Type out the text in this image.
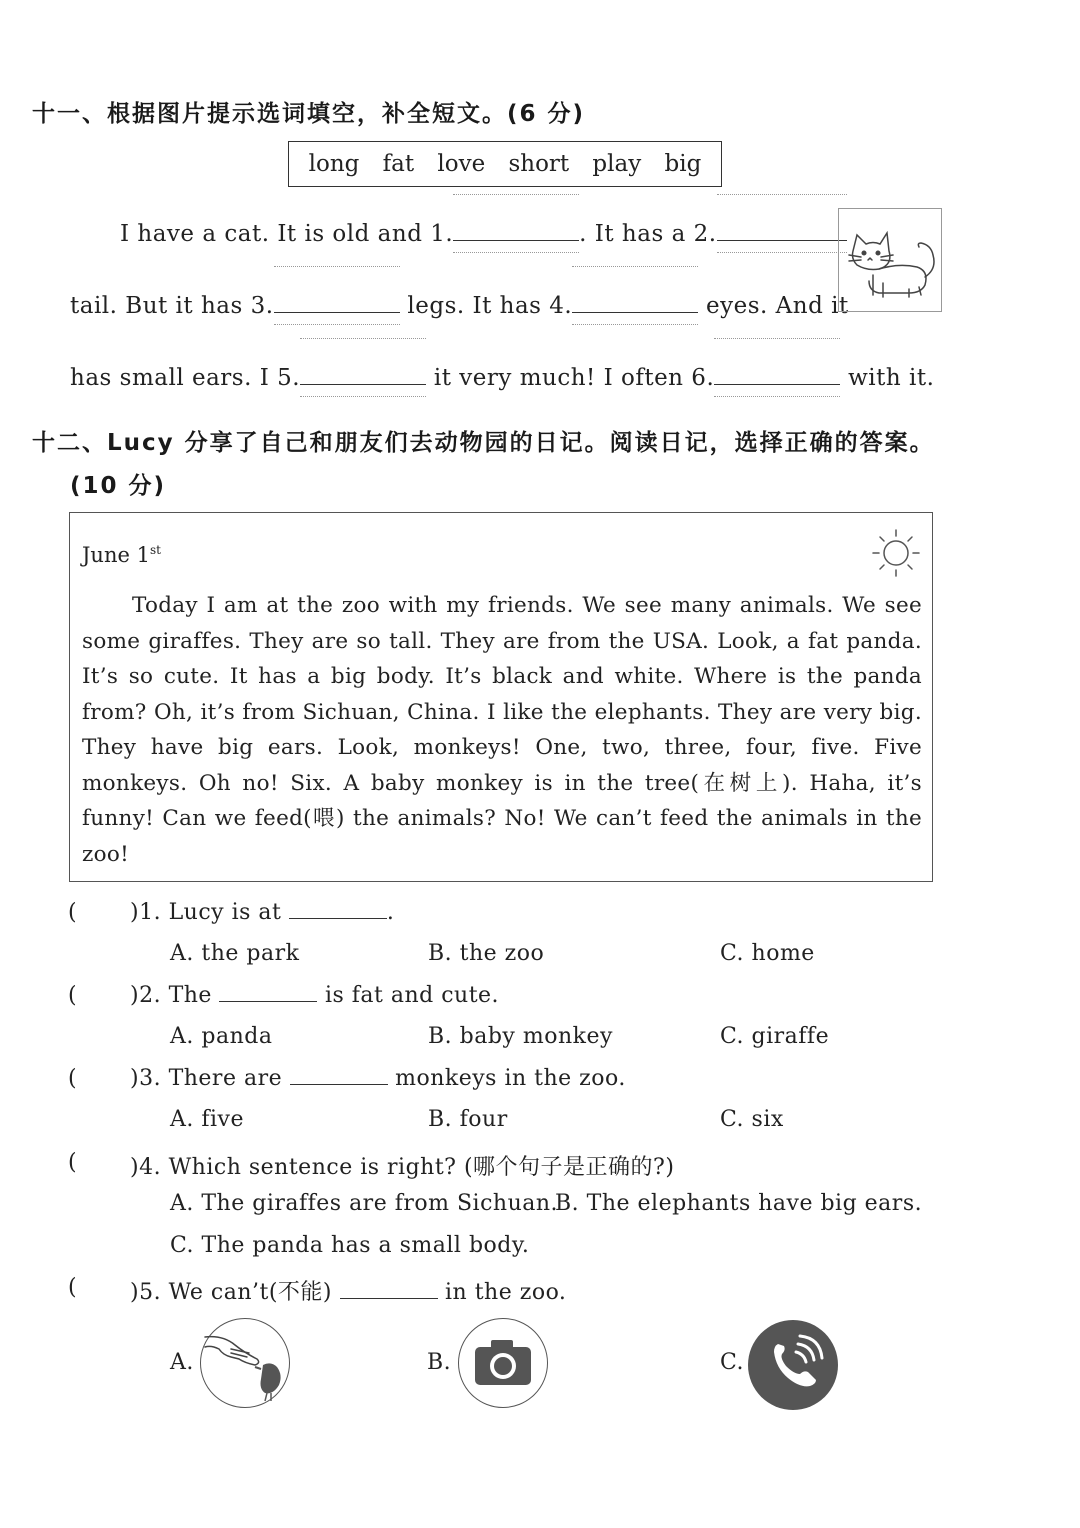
十一、根据图片提示选词填空，补全短文。(6 分)
long fat love short play big
I have a cat. It is old and 1.	. It has a 2.
tail. But it has 3.	legs. It has 4.	eyes. And it
has small ears. I 5.	it very much! I often 6.	with it.
十二、Lucy 分享了自己和朋友们去动物园的日记。阅读日记，选择正确的答案。
(10 分)
June 1st
Today I am at the zoo with my friends. We see many animals. We see some giraffes. They are so tall. They are from the USA. Look, a fat panda. It’s so cute. It has a big body. It’s black and white. Where is the panda from? Oh, it’s from Sichuan, China. I like the elephants. They are very big. They have big ears. Look, monkeys! One, two, three, four, five. Five monkeys. Oh no! Six. A baby monkey is in the tree(在树上). Haha, it’s funny! Can we feed(喂) the animals? No! We can’t feed the animals in the zoo!
( )1. Lucy is at	.
A. the park	B. the zoo	C. home
( )2. The	is fat and cute.
A. panda	B. baby monkey	C. giraffe
( )3. There are	monkeys in the zoo.
A. five	B. four	C. six
( )4. Which sentence is right? (哪个句子是正确的?)
A. The giraffes are from Sichuan.
B. The elephants have big ears.
C. The panda has a small body.
( )5. We can’t(不能)	in the zoo.
A.	B.	C.
